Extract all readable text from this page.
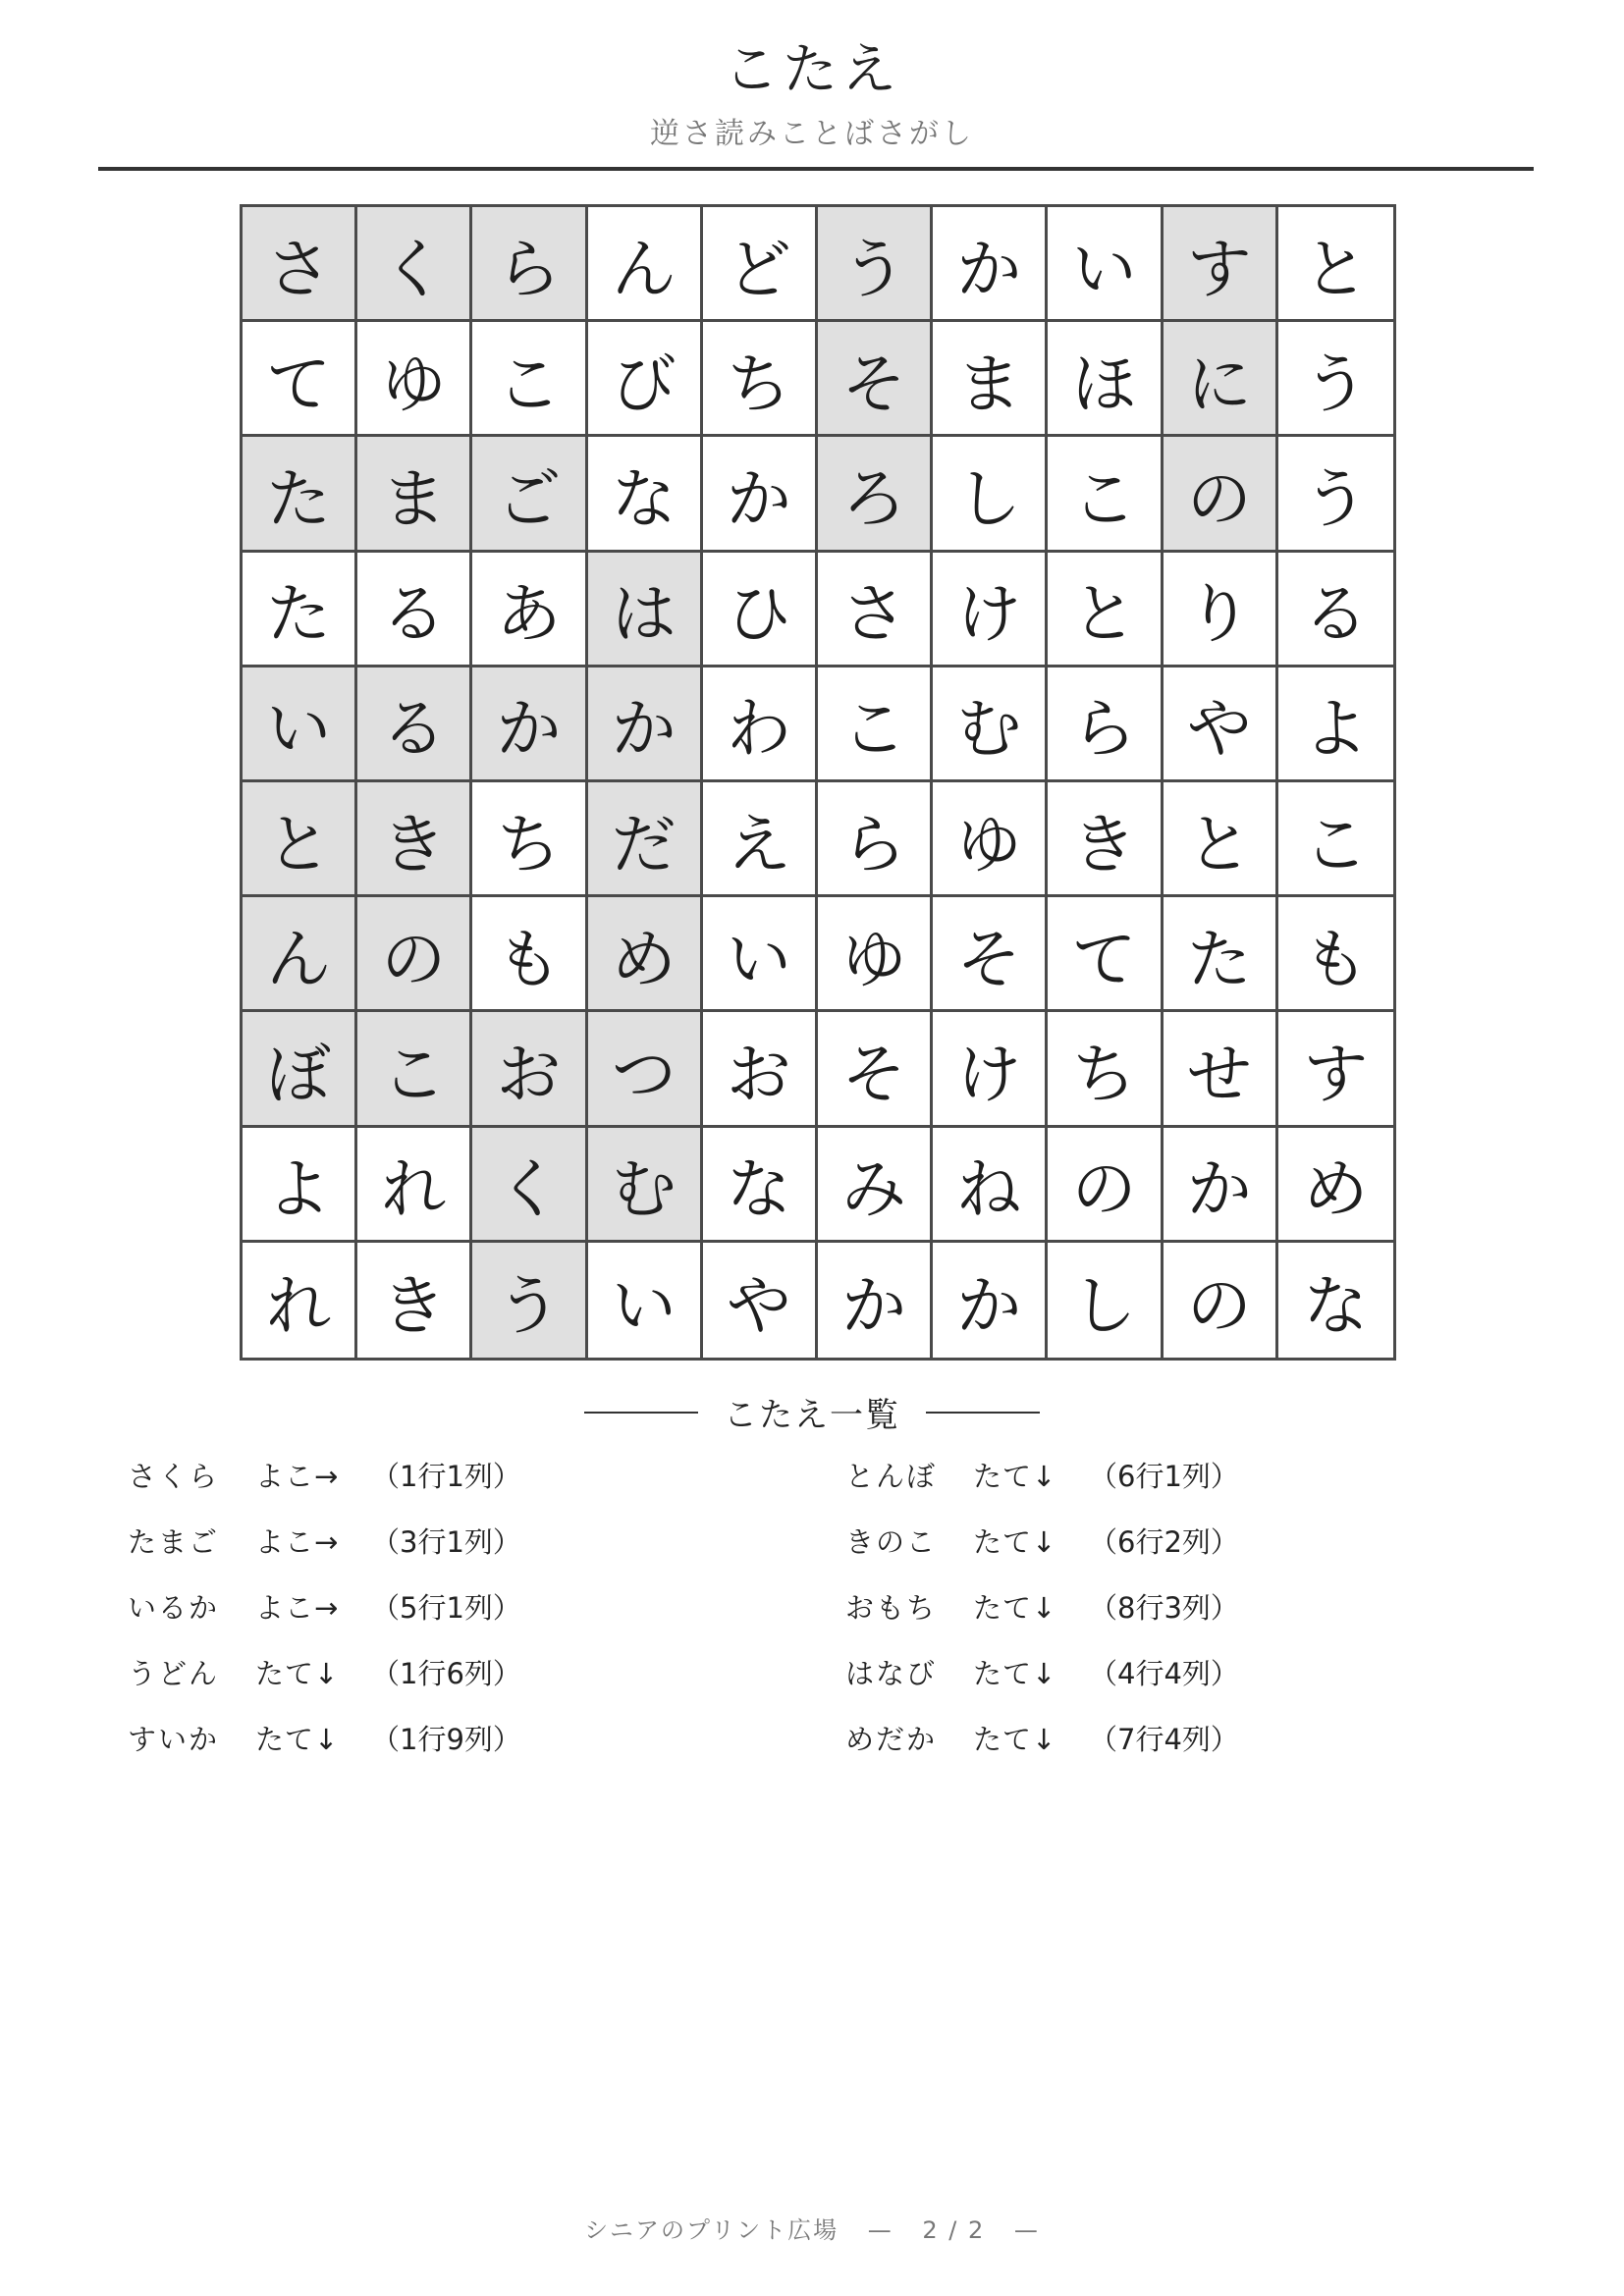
こたえ
逆さ読みことばさがし
さ く ら ん ど う か い す と
て ゆ こ び ち そ ま ほ に う
た ま ご な か ろ し こ の う
た る あ は ひ さ け と り る
い る か か わ こ む ら や よ
と き ち だ え ら ゆ き と こ
ん の も め い ゆ そ て た も
ぼ こ お つ お そ け ち せ す
よ れ く む な み ね の か め
れ き う い や か か し の な
こたえ一覧
さくら	よこ→	（1行1列）
たまご	よこ→	（3行1列）
いるか	よこ→	（5行1列）
うどん	たて↓	（1行6列）
すいか	たて↓	（1行9列）
とんぼ	たて↓	（6行1列）
きのこ	たて↓	（6行2列）
おもち	たて↓	（8行3列）
はなび	たて↓	（4行4列）
めだか	たて↓	（7行4列）
シニアのプリント広場 — 2 / 2 —
